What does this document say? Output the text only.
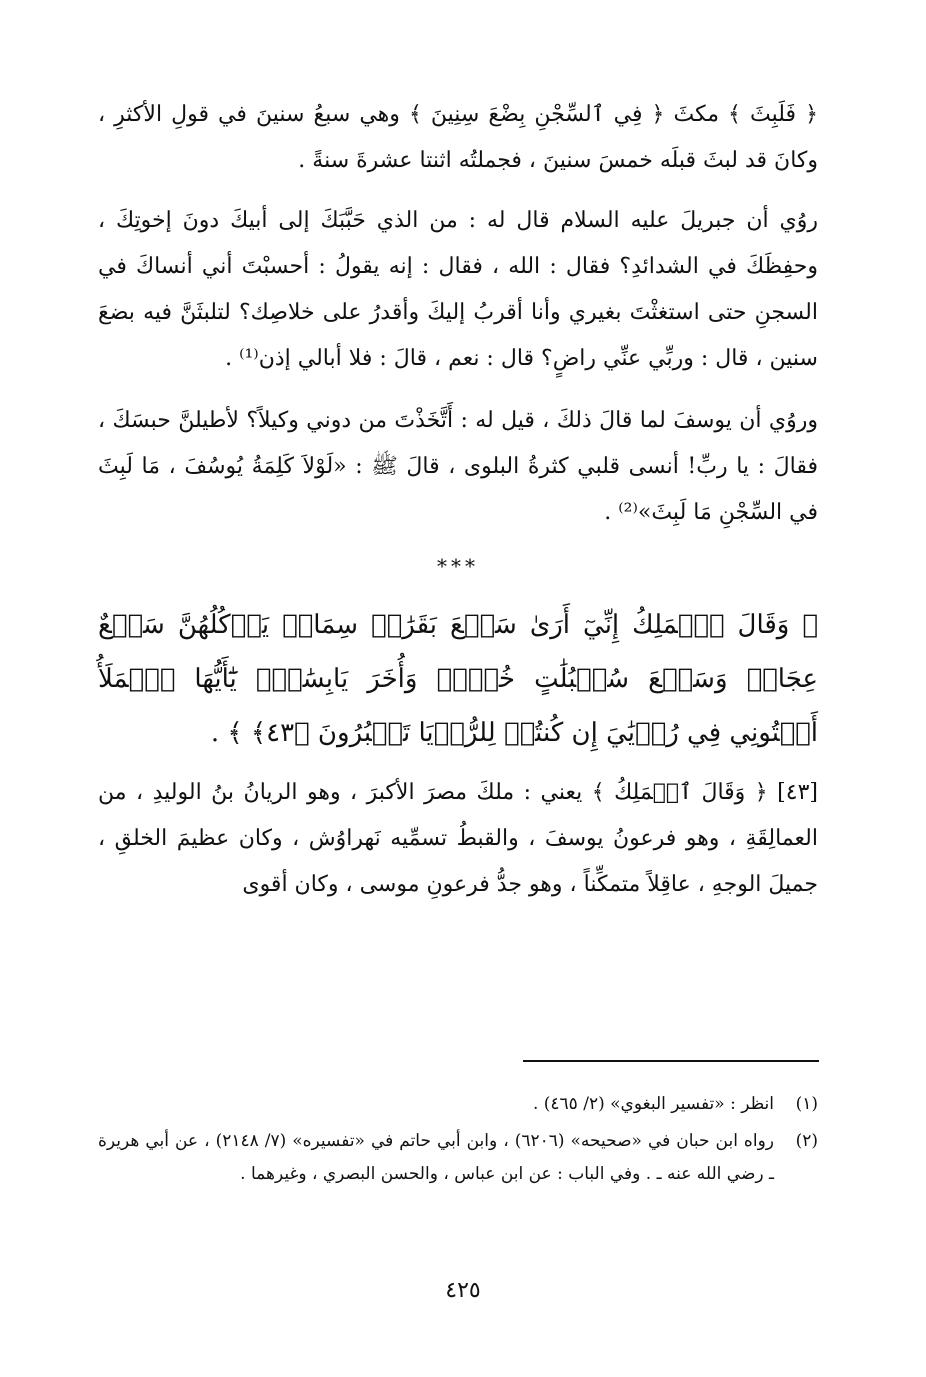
﴿ فَلَبِثَ ﴾ مكثَ ﴿ فِي ٱلسِّجْنِ بِضْعَ سِنِينَ ﴾ وهي سبعُ سنينَ في قولِ الأكثرِ ، وكانَ قد لبثَ قبلَه خمسَ سنينَ ، فجملتُه اثنتا عشرةَ سنةً .

روُي أن جبريلَ عليه السلام قال له : من الذي حَبَّبَكَ إلى أبيكَ دونَ إخوتِكَ ، وحفِظَكَ في الشدائدِ؟ فقال : الله ، فقال : إنه يقولُ : أحسبْتَ أني أنساكَ في السجنِ حتى استغثْتَ بغيري وأنا أقربُ إليكَ وأقدرُ على خلاصِك؟ لتلبثَنَّ فيه بضعَ سنين ، قال : وربِّي عنِّي راضٍ؟ قال : نعم ، قالَ : فلا أبالي إذن⁽¹⁾ .

وروُي أن يوسفَ لما قالَ ذلكَ ، قيل له : أَتَّخَذْتَ من دوني وكيلاً؟ لأطيلنَّ حبسَكَ ، فقالَ : يا ربِّ! أنسى قلبي كثرةُ البلوى ، قالَ ﷺ : «لَوْلاَ كَلِمَةُ يُوسُفَ ، مَا لَبِثَ في السِّجْنِ مَا لَبِثَ»⁽²⁾ .

***

﴿ وَقَالَ ٱلۡمَلِكُ إِنِّيٓ أَرَىٰ سَبۡعَ بَقَرَٰتٖ سِمَانٖ يَأۡكُلُهُنَّ سَبۡعٌ عِجَافٞ وَسَبۡعَ سُنۢبُلَٰتٍ خُضۡرٖ وَأُخَرَ يَابِسَٰتٖۖ يَٰٓأَيُّهَا ٱلۡمَلَأُ أَفۡتُونِي فِي رُءۡيَٰيَ إِن كُنتُمۡ لِلرُّءۡيَا تَعۡبُرُونَ ﴿٤٣﴾ ﴾ .

[٤٣] ﴿ وَقَالَ ٱلۡمَلِكُ ﴾ يعني : ملكَ مصرَ الأكبرَ ، وهو الريانُ بنُ الوليدِ ، من العمالِقَةِ ، وهو فرعونُ يوسفَ ، والقبطُ تسمِّيه نَهراوُش ، وكان عظيمَ الخلقِ ، جميلَ الوجهِ ، عاقِلاً متمكِّناً ، وهو جدُّ فرعونِ موسى ، وكان أقوى

(١)
انظر : «تفسير البغوي» (٢/ ٤٦٥) .
(٢)
رواه ابن حبان في «صحيحه» (٦٢٠٦) ، وابن أبي حاتم في «تفسيره» (٧/ ٢١٤٨) ، عن أبي هريرة ـ رضي الله عنه ـ . وفي الباب : عن ابن عباس ، والحسن البصري ، وغيرهما .
٤٢٥
